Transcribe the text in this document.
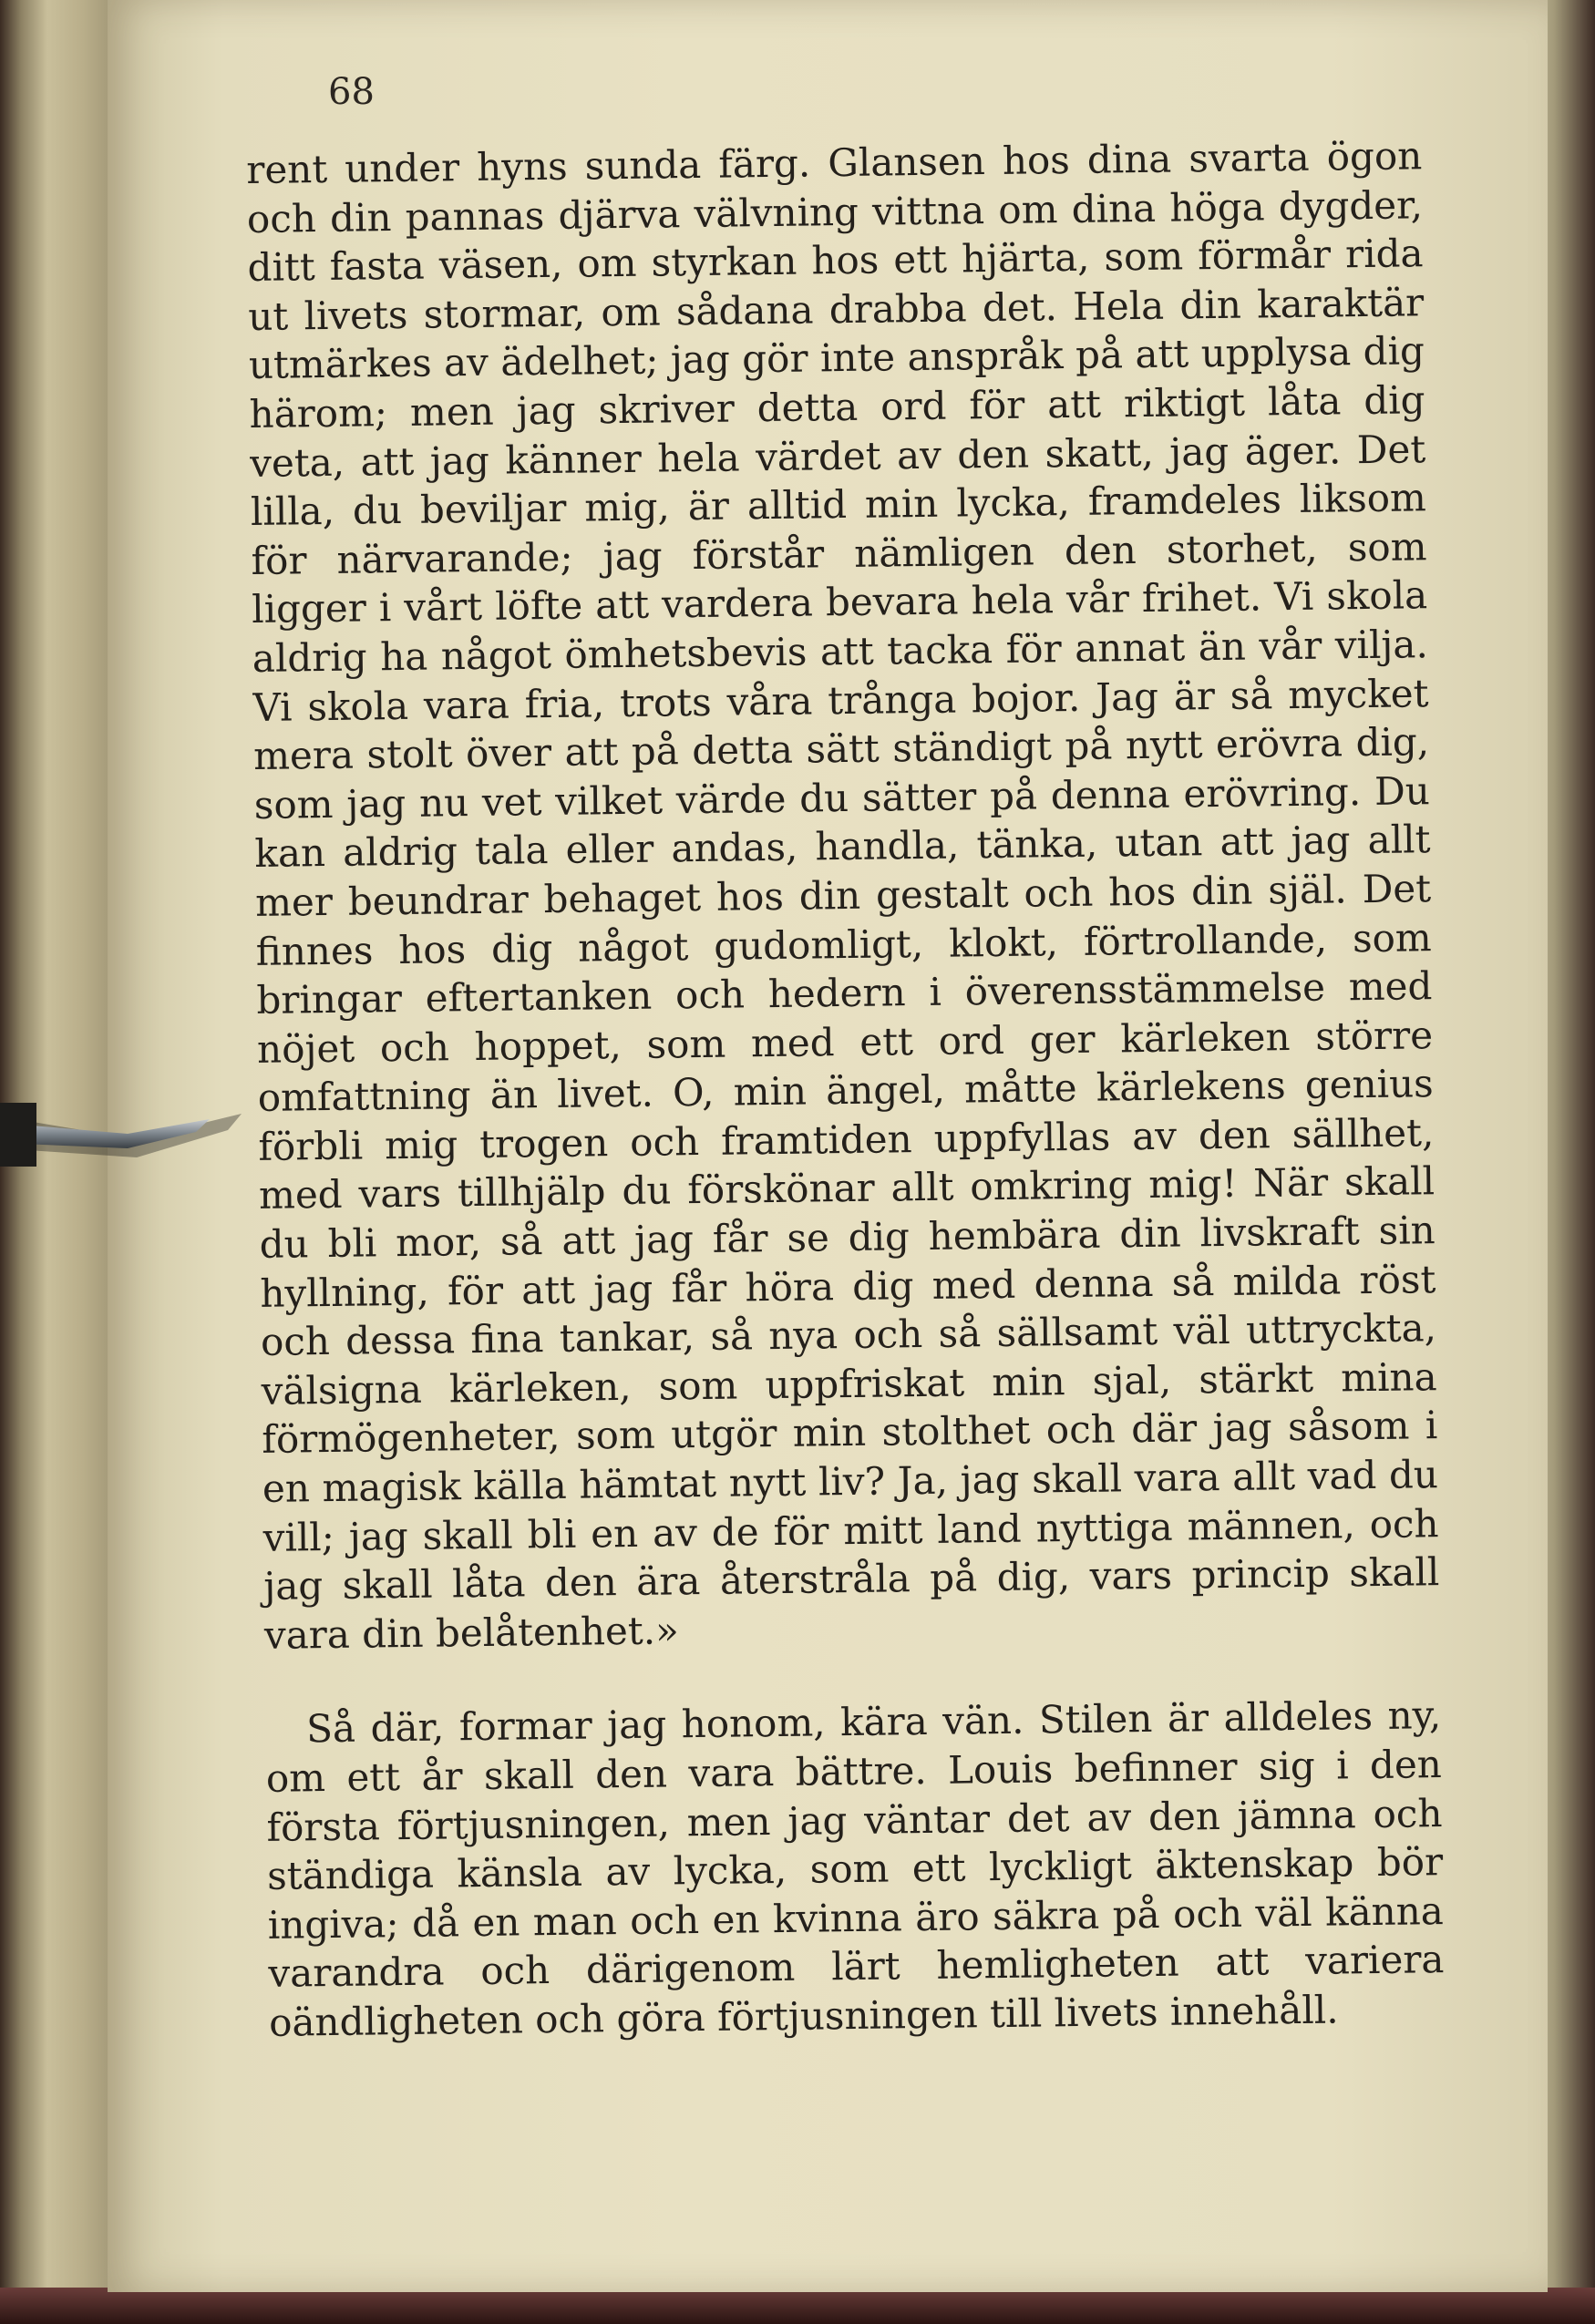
68

rent under hyns sunda färg. Glansen hos dina svarta ögon och din pannas djärva välvning vittna om dina höga dygder, ditt fasta väsen, om styrkan hos ett hjärta, som förmår rida ut livets stormar, om sådana drabba det. Hela din karaktär utmärkes av ädelhet; jag gör inte anspråk på att upplysa dig härom; men jag skriver detta ord för att riktigt låta dig veta, att jag känner hela värdet av den skatt, jag äger. Det lilla, du beviljar mig, är alltid min lycka, framdeles liksom för närvarande; jag förstår nämligen den storhet, som ligger i vårt löfte att vardera bevara hela vår frihet. Vi skola aldrig ha något ömhetsbevis att tacka för annat än vår vilja. Vi skola vara fria, trots våra trånga bojor. Jag är så mycket mera stolt över att på detta sätt ständigt på nytt erövra dig, som jag nu vet vilket värde du sätter på denna erövring. Du kan aldrig tala eller andas, handla, tänka, utan att jag allt mer beundrar behaget hos din gestalt och hos din själ. Det finnes hos dig något gudomligt, klokt, förtrollande, som bringar eftertanken och hedern i överensstämmelse med nöjet och hoppet, som med ett ord ger kärleken större omfattning än livet. O, min ängel, måtte kärlekens genius förbli mig trogen och framtiden uppfyllas av den sällhet, med vars tillhjälp du förskönar allt omkring mig! När skall du bli mor, så att jag får se dig hembära din livskraft sin hyllning, för att jag får höra dig med denna så milda röst och dessa fina tankar, så nya och så sällsamt väl uttryckta, välsigna kärleken, som uppfriskat min sjal, stärkt mina förmögenheter, som utgör min stolthet och där jag såsom i en magisk källa hämtat nytt liv? Ja, jag skall vara allt vad du vill; jag skall bli en av de för mitt land nyttiga männen, och jag skall låta den ära återstråla på dig, vars princip skall vara din belåtenhet.»

Så där, formar jag honom, kära vän. Stilen är alldeles ny, om ett år skall den vara bättre. Louis befinner sig i den första förtjusningen, men jag väntar det av den jämna och ständiga känsla av lycka, som ett lyckligt äktenskap bör ingiva; då en man och en kvinna äro säkra på och väl känna varandra och därigenom lärt hemligheten att variera oändligheten och göra förtjusningen till livets innehåll.
